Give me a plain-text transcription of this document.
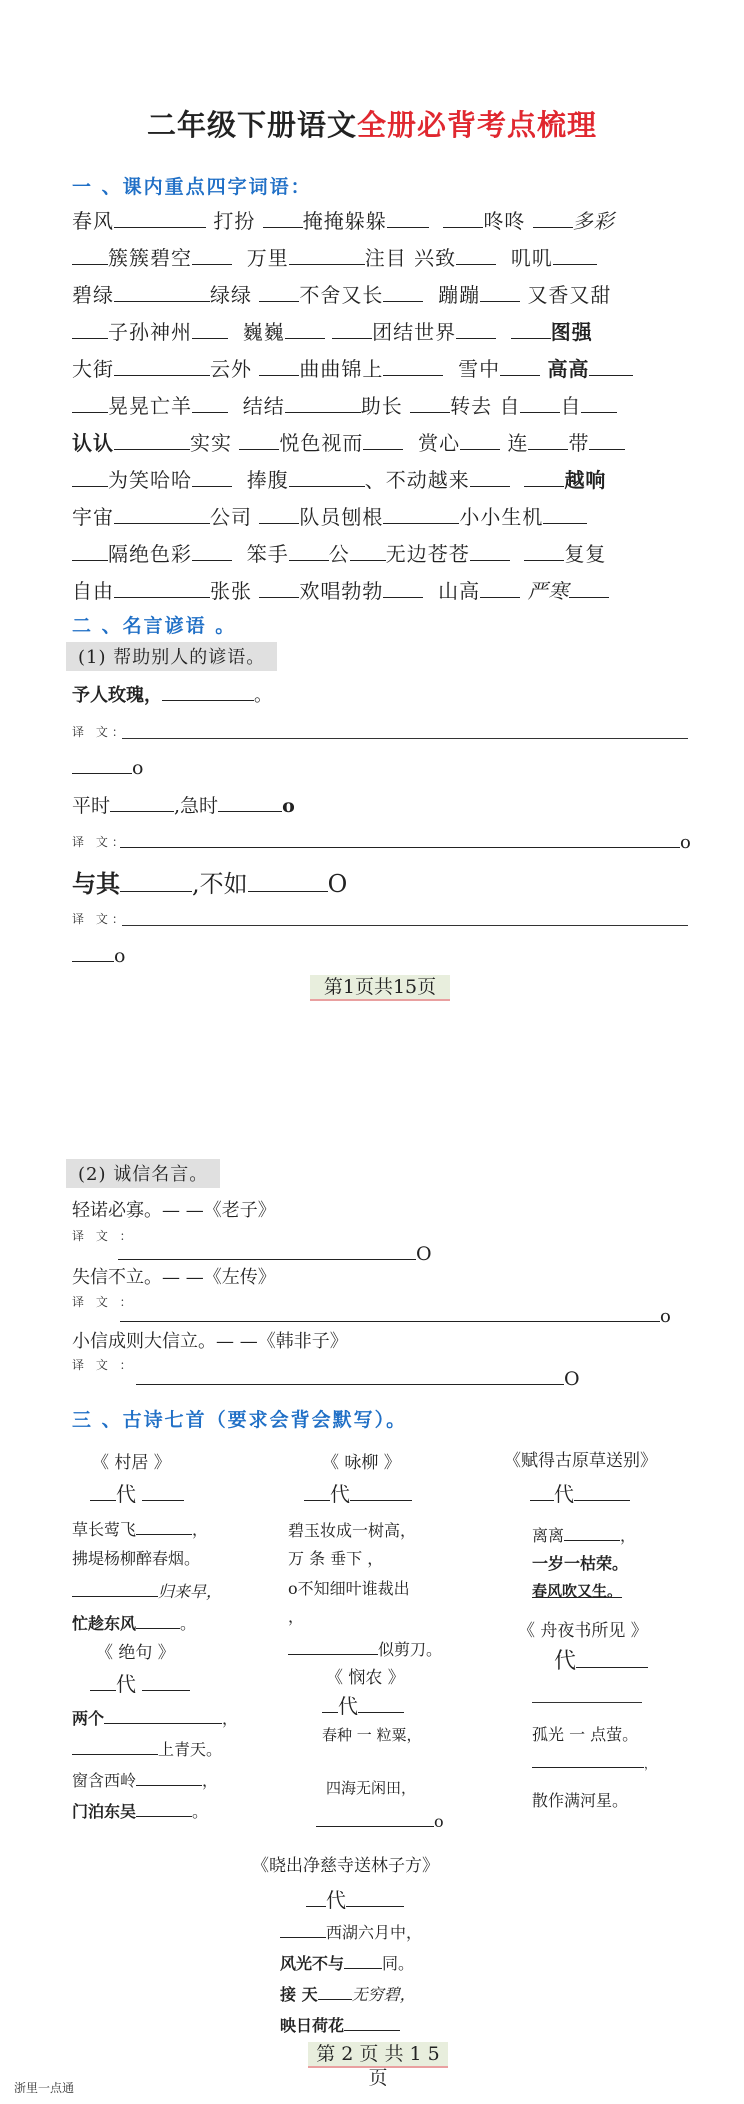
二年级下册语文全册必背考点梳理
一 、课内重点四字词语：
春风	打扮 掩掩躲躲	咚咚 多彩
簇簇碧空	万里	注目 兴致	叽叽
碧绿	绿绿 不舍又长	蹦蹦 又香又甜
子孙神州	巍巍	团结世界	图强
大街	云外 曲曲锦上	雪中 高高
晃晃亡羊	结结	助长 转去 自 自
认认	实实 悦色视而	赏心 连 带
为笑哈哈	捧腹	、不动越来	越响
宇宙	公司 队员刨根	小小生机
隔绝色彩	笨手 公 无边苍苍	复复
自由	张张 欢唱勃勃	山高 严寒
二 、名言谚语 。
(1) 帮助别人的谚语。
予人玫瑰，	。
译 文：
o
平时	,急时	o
译 文：	o
与其	,不如	O
译 文：
o
第1页共15页
(2) 诚信名言。
轻诺必寡。— —《老子》
译 文 ：
O
失信不立。— —《左传》
译 文 ：
o
小信成则大信立。— —《韩非子》
译 文 ：
O
三 、古诗七首（要求会背会默写）。
《 村居 》
代
草长莺飞	，
拂堤杨柳醉春烟。
归来早，
忙趁东风	。
《 咏柳 》
代
碧玉妆成一树高，
万 条 垂下 ，
o不知细叶谁裁出
，
似剪刀。
《赋得古原草送别》
代
离离	，
一岁一枯荣。
春风吹又生。
《 绝句 》
代
两个	，
上青天。
窗含西岭	，
门泊东吴	。
《 舟夜书所见 》
代
孤光 一 点萤。
，
散作满河星。
《 悯农 》
代
春种 一 粒粟，
四海无闲田，
o
《晓出净慈寺送林子方》
代
西湖六月中，
风光不与 同。
接 天 无穷碧，
映日荷花
第 2 页 共 1 5 页
浙里一点通
